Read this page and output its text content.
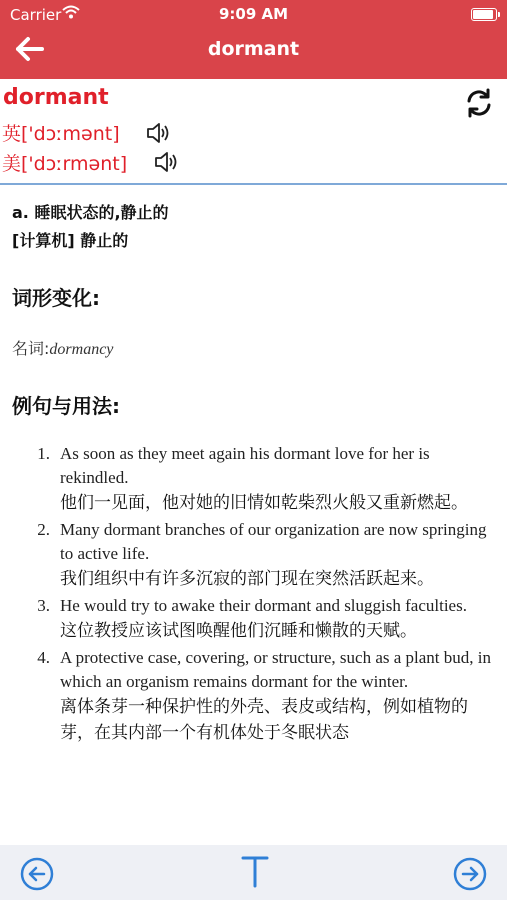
Carrier	9:09 AM
dormant
dormant
英['dɔːmənt]
美['dɔːrmənt]
a. 睡眠状态的,静止的
[计算机] 静止的
词形变化:
名词:dormancy
例句与用法:
1. As soon as they meet again his dormant love for her is rekindled.
他们一见面，他对她的旧情如乾柴烈火般又重新燃起。
2. Many dormant branches of our organization are now springing to active life.
我们组织中有许多沉寂的部门现在突然活跃起来。
3. He would try to awake their dormant and sluggish faculties.
这位教授应该试图唤醒他们沉睡和懒散的天赋。
4. A protective case, covering, or structure, such as a plant bud, in which an organism remains dormant for the winter.
离体条芽一种保护性的外壳、表皮或结构，例如植物的芽，在其内部一个有机体处于冬眠状态
